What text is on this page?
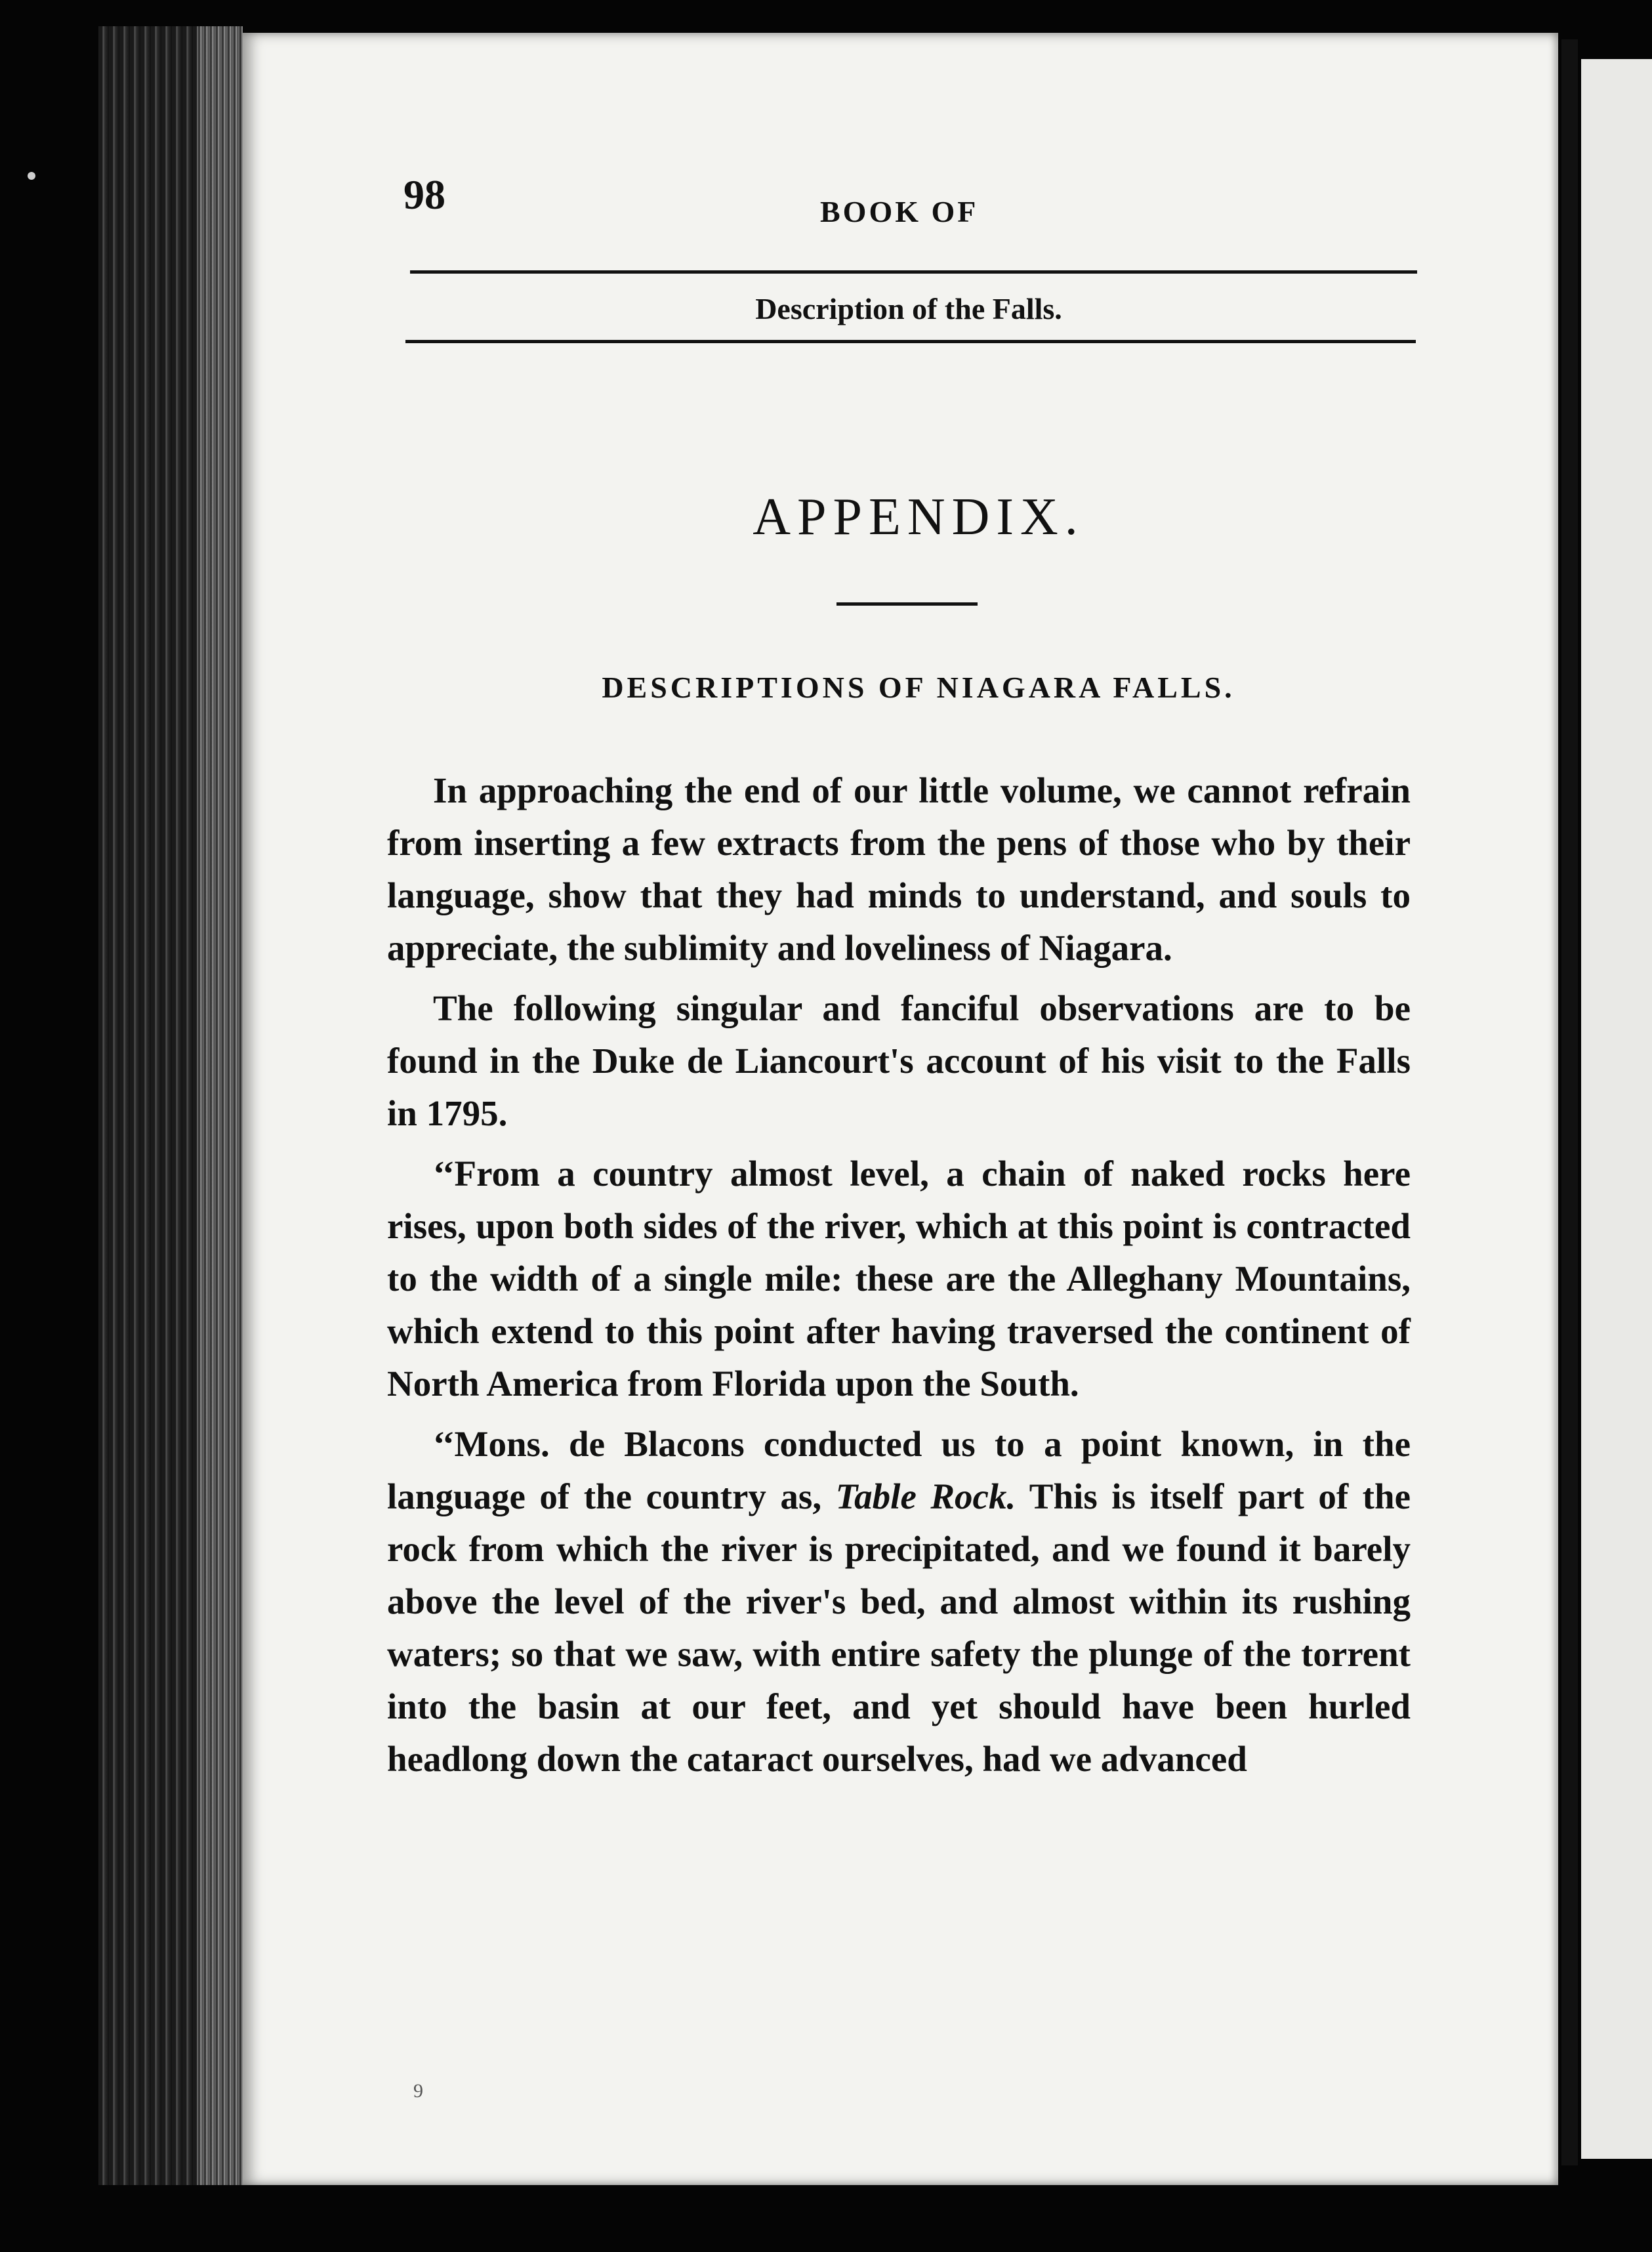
98	BOOK OF
Description of the Falls.
APPENDIX.
DESCRIPTIONS OF NIAGARA FALLS.

In approaching the end of our little volume, we cannot refrain from inserting a few extracts from the pens of those who by their language, show that they had minds to understand, and souls to appreciate, the sublimity and loveliness of Niagara.

The following singular and fanciful observations are to be found in the Duke de Liancourt's account of his visit to the Falls in 1795.

‘‘From a country almost level, a chain of naked rocks here rises, upon both sides of the river, which at this point is contracted to the width of a single mile: these are the Alleghany Mountains, which extend to this point after having traversed the continent of North America from Florida upon the South.

‘‘Mons. de Blacons conducted us to a point known, in the language of the country as, Table Rock. This is itself part of the rock from which the river is precipitated, and we found it barely above the level of the river's bed, and almost within its rushing waters; so that we saw, with entire safety the plunge of the torrent into the basin at our feet, and yet should have been hurled headlong down the cataract ourselves, had we advanced

9
